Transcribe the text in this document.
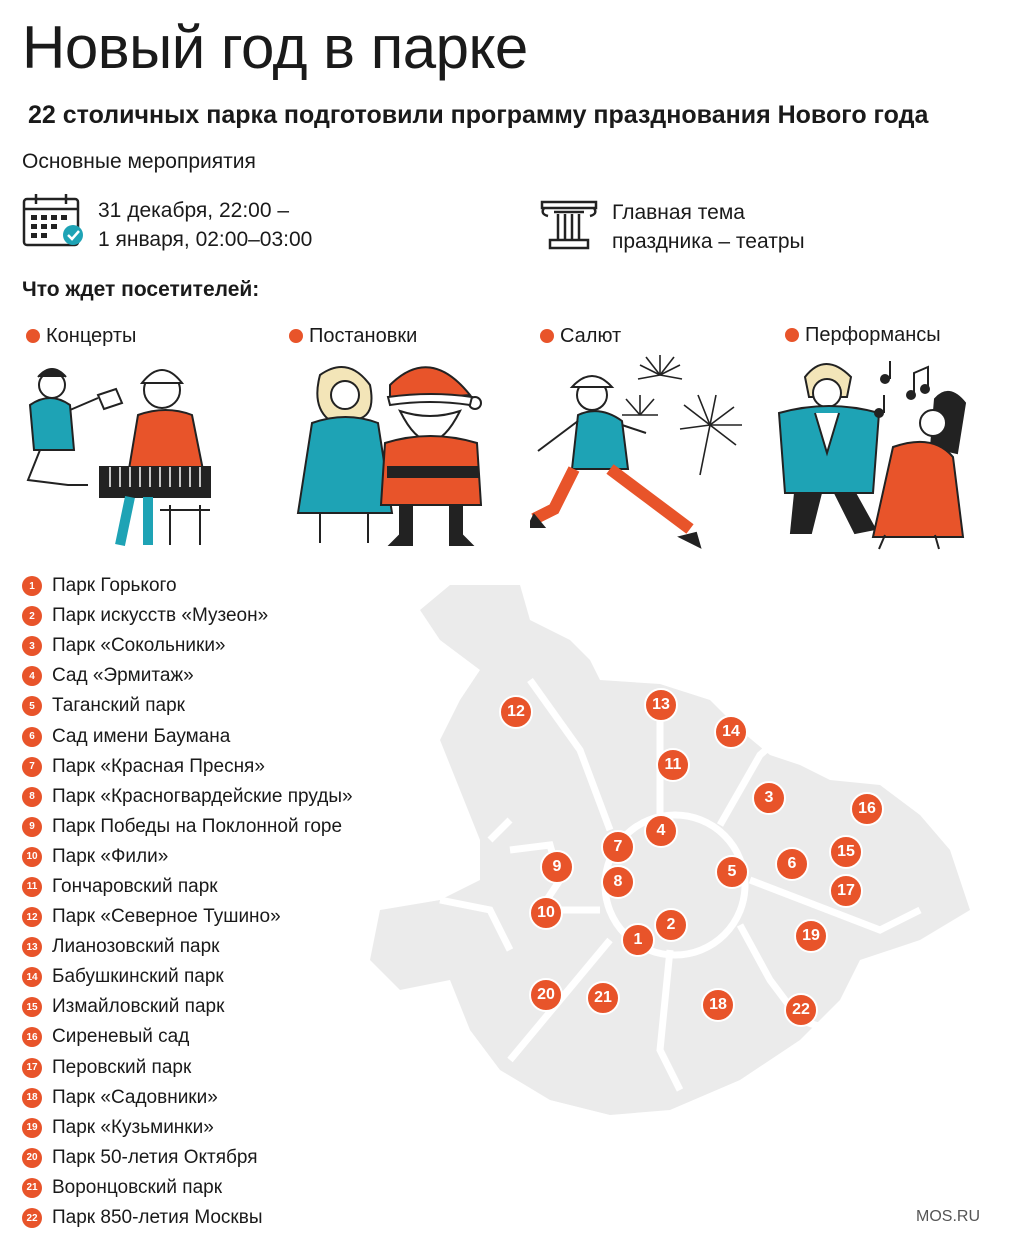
Новый год в парке
22 столичных парка подготовили программу празднования Нового года
Основные мероприятия
31 декабря, 22:00 –
1 января, 02:00–03:00
Главная тема
праздника – театры
Что ждет посетителей:
Концерты	Постановки	Салют	Перформансы
1 Парк Горького
2 Парк искусств «Музеон»
3 Парк «Сокольники»
4 Сад «Эрмитаж»
5 Таганский парк
6 Сад имени Баумана
7 Парк «Красная Пресня»
8 Парк «Красногвардейские пруды»
9 Парк Победы на Поклонной горе
10 Парк «Фили»
11 Гончаровский парк
12 Парк «Северное Тушино»
13 Лианозовский парк
14 Бабушкинский парк
15 Измайловский парк
16 Сиреневый сад
17 Перовский парк
18 Парк «Садовники»
19 Парк «Кузьминки»
20 Парк 50-летия Октября
21 Воронцовский парк
22 Парк 850-летия Москвы
1
2
3
4
5	6
7
8
9
10
11
12	13
14
15
16
17
18
19
20	21
22
MOS.RU
